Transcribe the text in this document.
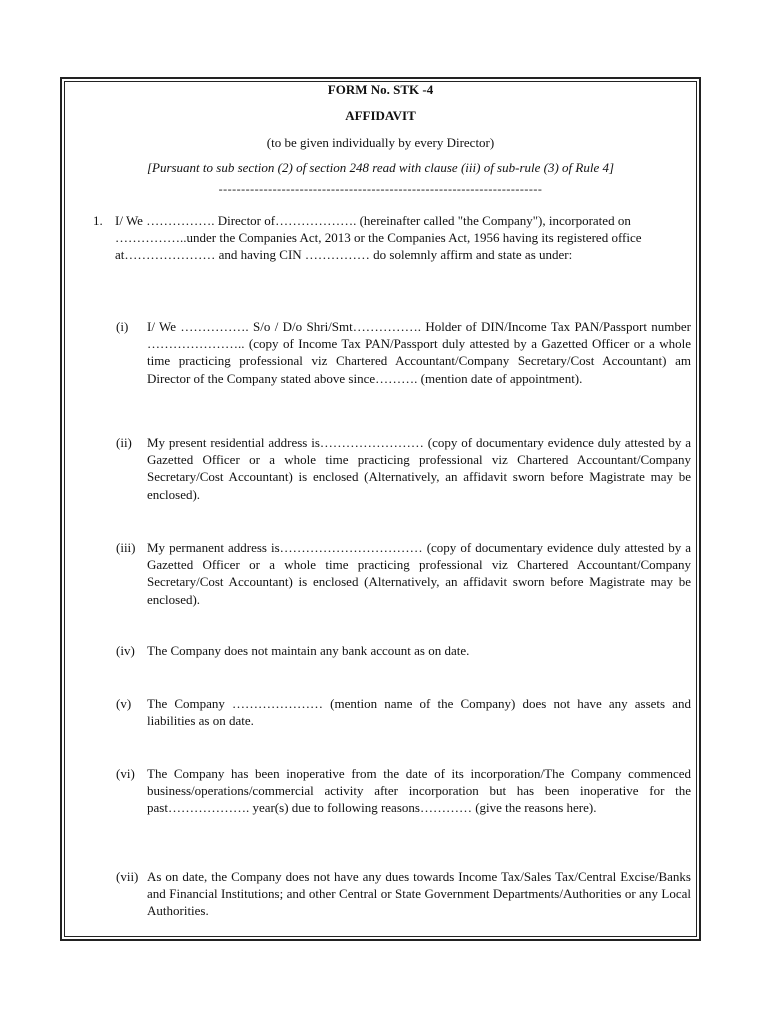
FORM No. STK -4
AFFIDAVIT
(to be given individually by every Director)
[Pursuant to sub section (2) of section 248 read with clause (iii) of sub-rule (3) of Rule 4]
------------------------------------------------------------------------
1. I/ We ……………. Director of………………. (hereinafter called "the Company"), incorporated on ……………..under the Companies Act, 2013 or the Companies Act, 1956 having its registered office at………………… and having CIN …………… do solemnly affirm and state as under:
(i) I/ We ……………. S/o / D/o Shri/Smt……………. Holder of DIN/Income Tax PAN/Passport number ………………….. (copy of Income Tax PAN/Passport duly attested by a Gazetted Officer or a whole time practicing professional viz Chartered Accountant/Company Secretary/Cost Accountant) am Director of the Company stated above since………. (mention date of appointment).
(ii) My present residential address is…………………… (copy of documentary evidence duly attested by a Gazetted Officer or a whole time practicing professional viz Chartered Accountant/Company Secretary/Cost Accountant) is enclosed (Alternatively, an affidavit sworn before Magistrate may be enclosed).
(iii) My permanent address is…………………………… (copy of documentary evidence duly attested by a Gazetted Officer or a whole time practicing professional viz Chartered Accountant/Company Secretary/Cost Accountant) is enclosed (Alternatively, an affidavit sworn before Magistrate may be enclosed).
(iv) The Company does not maintain any bank account as on date.
(v) The Company ………………… (mention name of the Company) does not have any assets and liabilities as on date.
(vi) The Company has been inoperative from the date of its incorporation/The Company commenced business/operations/commercial activity after incorporation but has been inoperative for the past………………. year(s) due to following reasons………… (give the reasons here).
(vii) As on date, the Company does not have any dues towards Income Tax/Sales Tax/Central Excise/Banks and Financial Institutions; and other Central or State Government Departments/Authorities or any Local Authorities.
